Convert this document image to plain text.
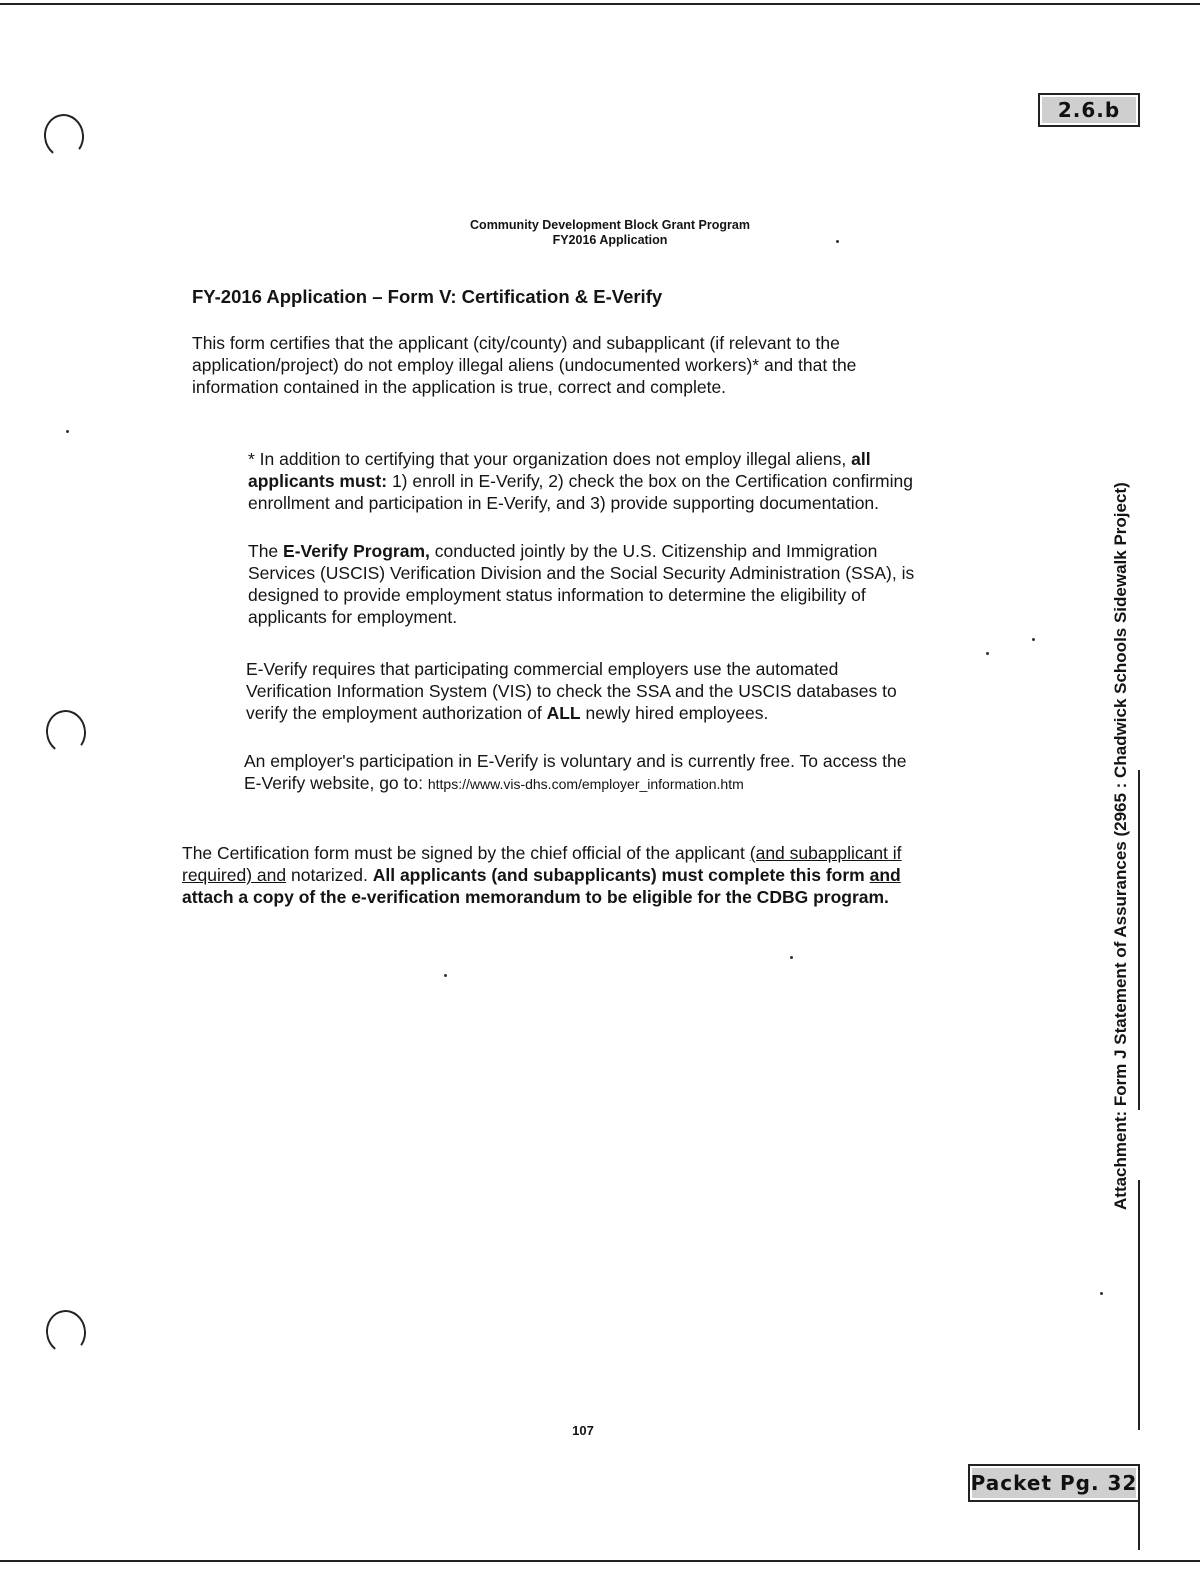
2.6.b
Community Development Block Grant Program
FY2016 Application
FY-2016 Application – Form V: Certification & E-Verify
This form certifies that the applicant (city/county) and subapplicant (if relevant to the
application/project) do not employ illegal aliens (undocumented workers)* and that the
information contained in the application is true, correct and complete.
* In addition to certifying that your organization does not employ illegal aliens, all
applicants must: 1) enroll in E-Verify, 2) check the box on the Certification confirming
enrollment and participation in E-Verify, and 3) provide supporting documentation.
The E-Verify Program, conducted jointly by the U.S. Citizenship and Immigration
Services (USCIS) Verification Division and the Social Security Administration (SSA), is
designed to provide employment status information to determine the eligibility of
applicants for employment.
E-Verify requires that participating commercial employers use the automated
Verification Information System (VIS) to check the SSA and the USCIS databases to
verify the employment authorization of ALL newly hired employees.
An employer's participation in E-Verify is voluntary and is currently free. To access the
E-Verify website, go to: https://www.vis-dhs.com/employer_information.htm
The Certification form must be signed by the chief official of the applicant (and subapplicant if
required) and notarized. All applicants (and subapplicants) must complete this form and
attach a copy of the e-verification memorandum to be eligible for the CDBG program.
107
Attachment: Form J Statement of Assurances (2965 : Chadwick Schools Sidewalk Project)
Packet Pg. 32
